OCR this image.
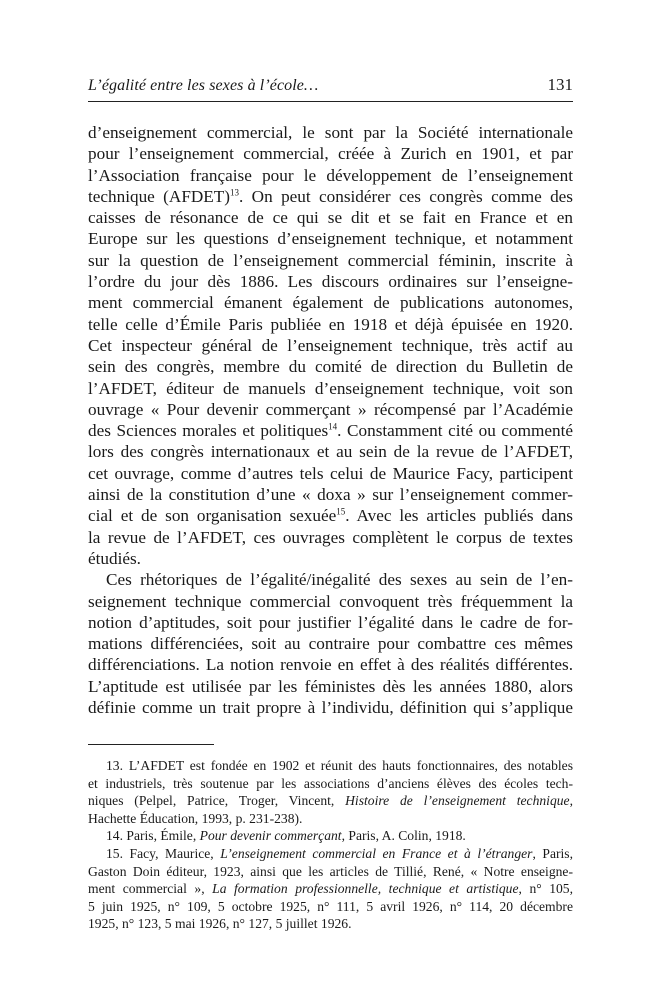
L’égalité entre les sexes à l’école…	131
d’enseignement commercial, le sont par la Société internationale
pour l’enseignement commercial, créée à Zurich en 1901, et par
l’Association française pour le développement de l’enseignement
technique (AFDET)$^{13}$. On peut considérer ces congrès comme des
caisses de résonance de ce qui se dit et se fait en France et en
Europe sur les questions d’enseignement technique, et notamment
sur la question de l’enseignement commercial féminin, inscrite à
l’ordre du jour dès 1886. Les discours ordinaires sur l’enseigne-
ment commercial émanent également de publications autonomes,
telle celle d’Émile Paris publiée en 1918 et déjà épuisée en 1920.
Cet inspecteur général de l’enseignement technique, très actif au
sein des congrès, membre du comité de direction du Bulletin de
l’AFDET, éditeur de manuels d’enseignement technique, voit son
ouvrage « Pour devenir commerçant » récompensé par l’Académie
des Sciences morales et politiques$^{14}$. Constamment cité ou commenté
lors des congrès internationaux et au sein de la revue de l’AFDET,
cet ouvrage, comme d’autres tels celui de Maurice Facy, participent
ainsi de la constitution d’une « doxa » sur l’enseignement commer-
cial et de son organisation sexuée$^{15}$. Avec les articles publiés dans
la revue de l’AFDET, ces ouvrages complètent le corpus de textes
étudiés.
Ces rhétoriques de l’égalité/inégalité des sexes au sein de l’en-
seignement technique commercial convoquent très fréquemment la
notion d’aptitudes, soit pour justifier l’égalité dans le cadre de for-
mations différenciées, soit au contraire pour combattre ces mêmes
différenciations. La notion renvoie en effet à des réalités différentes.
L’aptitude est utilisée par les féministes dès les années 1880, alors
définie comme un trait propre à l’individu, définition qui s’applique
13. L’AFDET est fondée en 1902 et réunit des hauts fonctionnaires, des notables
et industriels, très soutenue par les associations d’anciens élèves des écoles tech-
niques (Pelpel, Patrice, Troger, Vincent, Histoire de l’enseignement technique,
Hachette Éducation, 1993, p. 231-238).
14. Paris, Émile, Pour devenir commerçant, Paris, A. Colin, 1918.
15. Facy, Maurice, L’enseignement commercial en France et à l’étranger, Paris,
Gaston Doin éditeur, 1923, ainsi que les articles de Tillié, René, « Notre enseigne-
ment commercial », La formation professionnelle, technique et artistique, n° 105,
5 juin 1925, n° 109, 5 octobre 1925, n° 111, 5 avril 1926, n° 114, 20 décembre
1925, n° 123, 5 mai 1926, n° 127, 5 juillet 1926.
